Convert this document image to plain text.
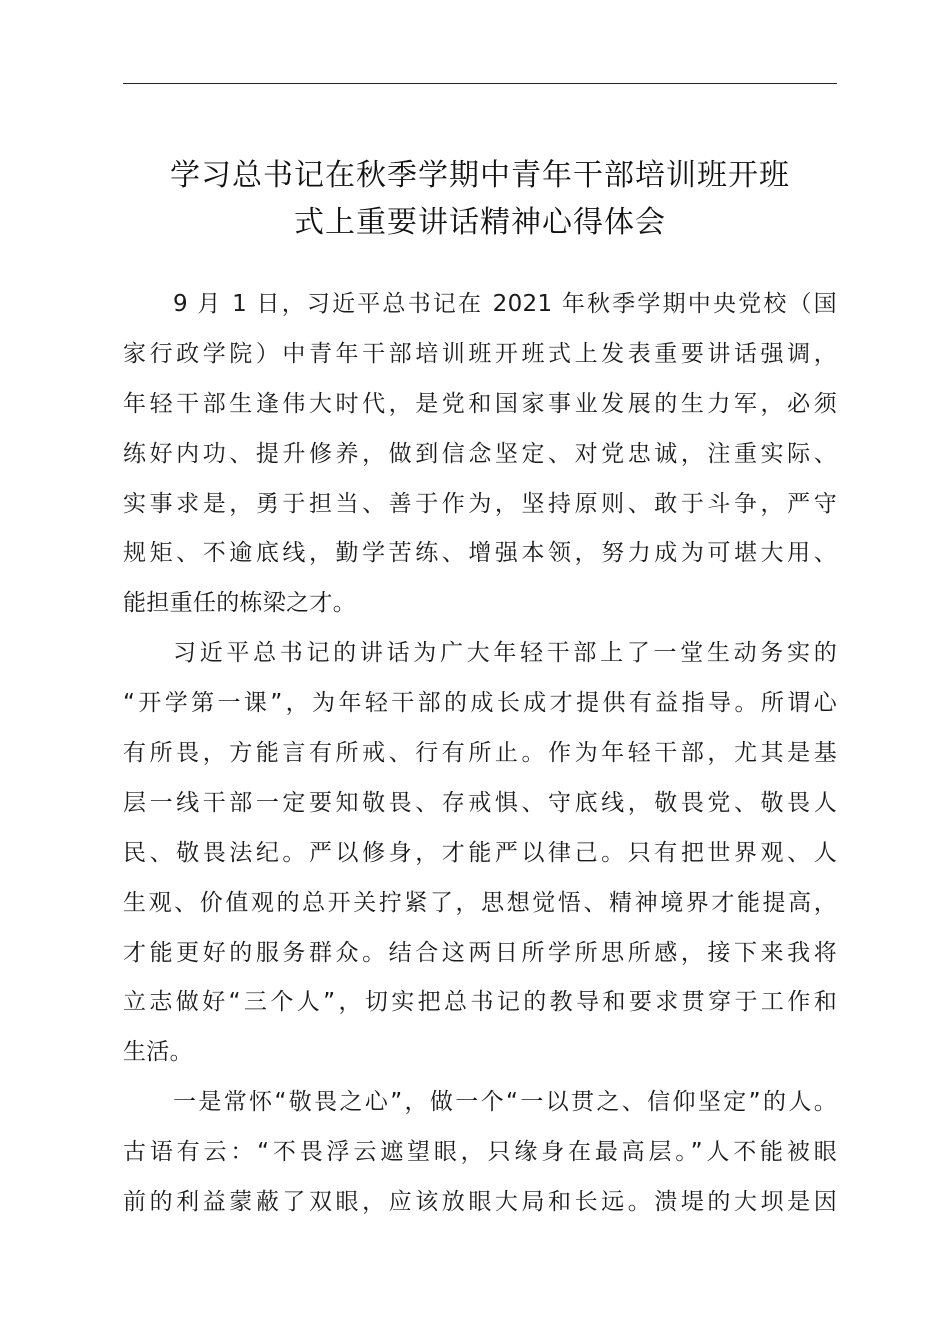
学习总书记在秋季学期中青年干部培训班开班
式上重要讲话精神心得体会
9 月 1 日，习近平总书记在 2021 年秋季学期中央党校（国
家行政学院）中青年干部培训班开班式上发表重要讲话强调，
年轻干部生逢伟大时代，是党和国家事业发展的生力军，必须
练好内功、提升修养，做到信念坚定、对党忠诚，注重实际、
实事求是，勇于担当、善于作为，坚持原则、敢于斗争，严守
规矩、不逾底线，勤学苦练、增强本领，努力成为可堪大用、
能担重任的栋梁之才。
习近平总书记的讲话为广大年轻干部上了一堂生动务实的
“开学第一课”，为年轻干部的成长成才提供有益指导。所谓心
有所畏，方能言有所戒、行有所止。作为年轻干部，尤其是基
层一线干部一定要知敬畏、存戒惧、守底线，敬畏党、敬畏人
民、敬畏法纪。严以修身，才能严以律己。只有把世界观、人
生观、价值观的总开关拧紧了，思想觉悟、精神境界才能提高，
才能更好的服务群众。结合这两日所学所思所感，接下来我将
立志做好“三个人”，切实把总书记的教导和要求贯穿于工作和
生活。
一是常怀“敬畏之心”，做一个“一以贯之、信仰坚定”的人。
古语有云：“不畏浮云遮望眼，只缘身在最高层。”人不能被眼
前的利益蒙蔽了双眼，应该放眼大局和长远。溃堤的大坝是因
